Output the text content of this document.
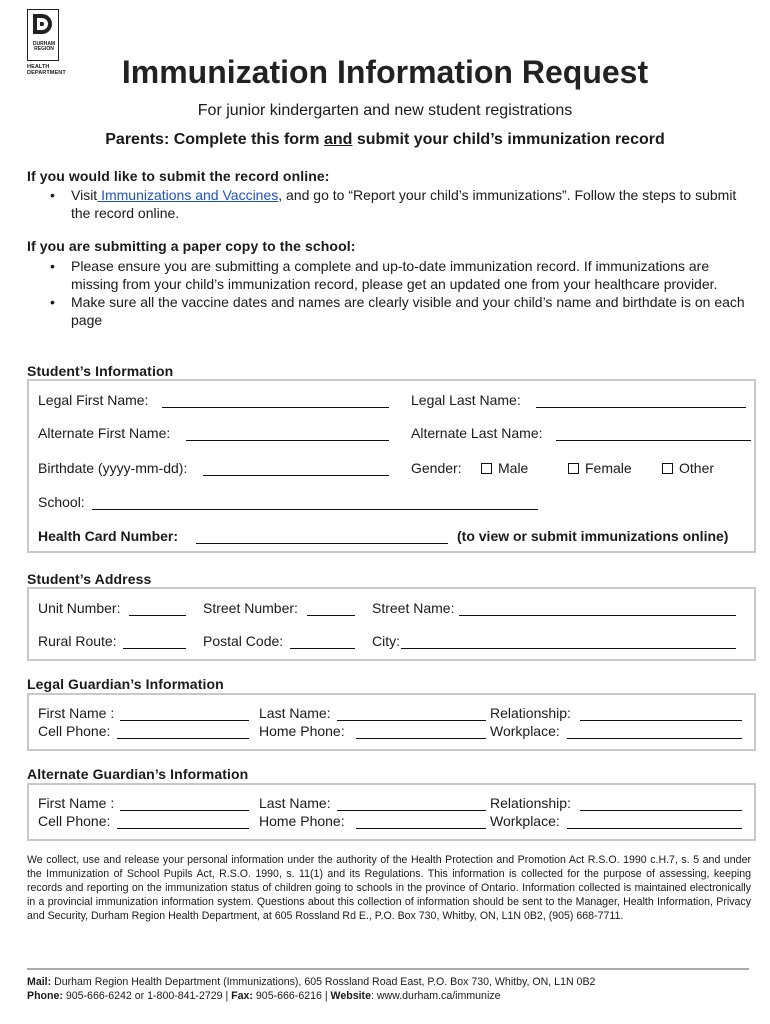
DURHAM
REGION
HEALTH
DEPARTMENT	Immunization Information Request
For junior kindergarten and new student registrations
Parents: Complete this form and submit your child’s immunization record
If you would like to submit the record online:
• Visit Immunizations and Vaccines, and go to “Report your child’s immunizations”. Follow the steps to submit the record online.
If you are submitting a paper copy to the school:
• Please ensure you are submitting a complete and up-to-date immunization record. If immunizations are missing from your child’s immunization record, please get an updated one from your healthcare provider.
• Make sure all the vaccine dates and names are clearly visible and your child’s name and birthdate is on each page
Student’s Information
Legal First Name:	Legal Last Name:
Alternate First Name:	Alternate Last Name:
Birthdate (yyyy-mm-dd):	Gender:	Male	Female	Other
School:
Health Card Number:	(to view or submit immunizations online)
Student’s Address
Unit Number:	Street Number:	Street Name:
Rural Route:	Postal Code:	City:
Legal Guardian’s Information
First Name :	Last Name:	Relationship:
Cell Phone:	Home Phone:	Workplace:
Alternate Guardian’s Information
First Name :	Last Name:	Relationship:
Cell Phone:	Home Phone:	Workplace:
We collect, use and release your personal information under the authority of the Health Protection and Promotion Act R.S.O. 1990 c.H.7, s. 5 and under the Immunization of School Pupils Act, R.S.O. 1990, s. 11(1) and its Regulations. This information is collected for the purpose of assessing, keeping records and reporting on the immunization status of children going to schools in the province of Ontario. Information collected is maintained electronically in a provincial immunization information system. Questions about this collection of information should be sent to the Manager, Health Information, Privacy and Security, Durham Region Health Department, at 605 Rossland Rd E., P.O. Box 730, Whitby, ON, L1N 0B2, (905) 668-7711.
Mail: Durham Region Health Department (Immunizations), 605 Rossland Road East, P.O. Box 730, Whitby, ON, L1N 0B2
Phone: 905-666-6242 or 1-800-841-2729 | Fax: 905-666-6216 | Website: www.durham.ca/immunize
